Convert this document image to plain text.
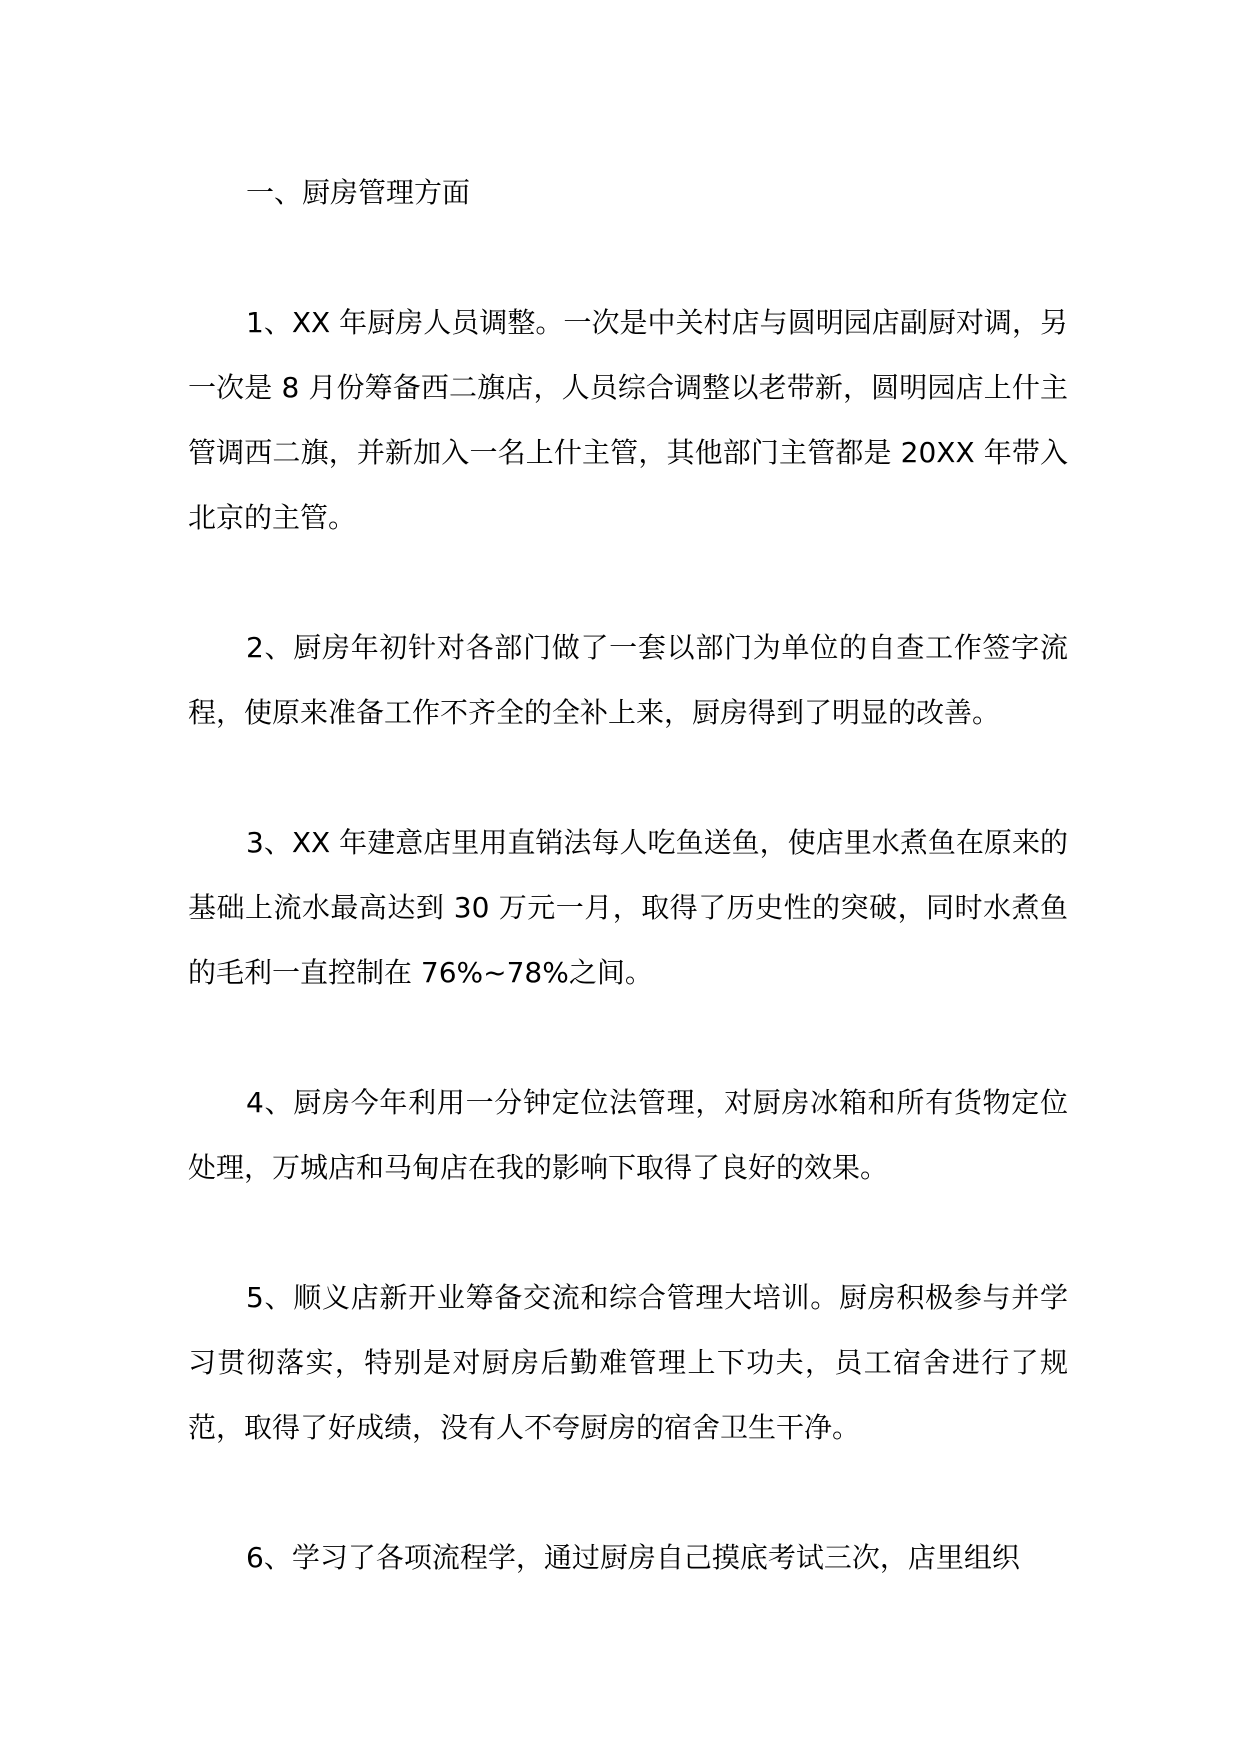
一、厨房管理方面

1、XX 年厨房人员调整。一次是中关村店与圆明园店副厨对调，另一次是 8 月份筹备西二旗店，人员综合调整以老带新，圆明园店上什主管调西二旗，并新加入一名上什主管，其他部门主管都是 20XX 年带入北京的主管。

2、厨房年初针对各部门做了一套以部门为单位的自查工作签字流程，使原来准备工作不齐全的全补上来，厨房得到了明显的改善。

3、XX 年建意店里用直销法每人吃鱼送鱼，使店里水煮鱼在原来的基础上流水最高达到 30 万元一月，取得了历史性的突破，同时水煮鱼的毛利一直控制在 76%~78%之间。

4、厨房今年利用一分钟定位法管理，对厨房冰箱和所有货物定位处理，万城店和马甸店在我的影响下取得了良好的效果。

5、顺义店新开业筹备交流和综合管理大培训。厨房积极参与并学习贯彻落实，特别是对厨房后勤难管理上下功夫，员工宿舍进行了规范，取得了好成绩，没有人不夸厨房的宿舍卫生干净。

6、学习了各项流程学，通过厨房自己摸底考试三次，店里组织
